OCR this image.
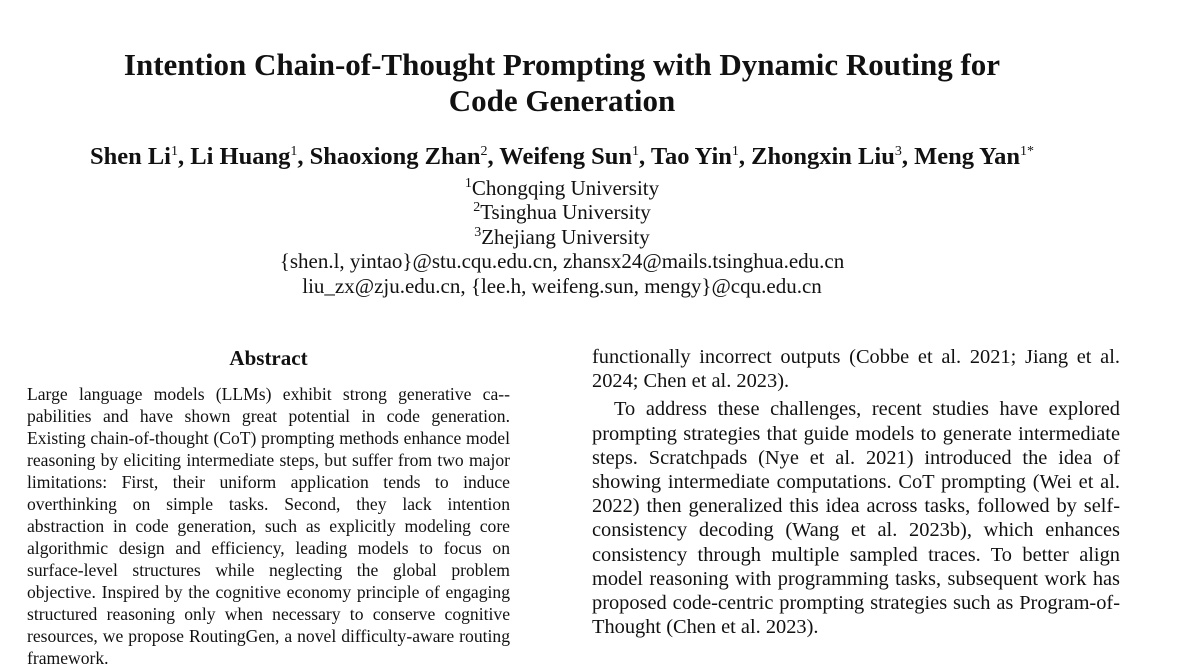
Intention Chain-of-Thought Prompting with Dynamic Routing for
Code Generation
Shen Li$^1$, Li Huang$^1$, Shaoxiong Zhan$^2$, Weifeng Sun$^1$, Tao Yin$^1$, Zhongxin Liu$^3$, Meng Yan$^{1*}$
$^1$Chongqing University
$^2$Tsinghua University
$^3$Zhejiang University
{shen.l, yintao}@stu.cqu.edu.cn, zhansx24@mails.tsinghua.edu.cn
liu_zx@zju.edu.cn, {lee.h, weifeng.sun, mengy}@cqu.edu.cn
Abstract

Large language models (LLMs) exhibit strong generative ca-pabilities and have shown great potential in code generation. Existing chain-of-thought (CoT) prompting methods enhance model reasoning by eliciting intermediate steps, but suffer from two major limitations: First, their uniform application tends to induce overthinking on simple tasks. Second, they lack intention abstraction in code generation, such as explicitly modeling core algorithmic design and efficiency, leading models to focus on surface-level structures while neglecting the global problem objective. Inspired by the cognitive economy principle of engaging structured reasoning only when necessary to conserve cognitive resources, we propose RoutingGen, a novel difficulty-aware routing framework.

functionally incorrect outputs (Cobbe et al. 2021; Jiang et al. 2024; Chen et al. 2023).

To address these challenges, recent studies have explored prompting strategies that guide models to generate intermediate steps. Scratchpads (Nye et al. 2021) introduced the idea of showing intermediate computations. CoT prompting (Wei et al. 2022) then generalized this idea across tasks, followed by self-consistency decoding (Wang et al. 2023b), which enhances consistency through multiple sampled traces. To better align model reasoning with programming tasks, subsequent work has proposed code-centric prompting strategies such as Program-of-Thought (Chen et al. 2023).
